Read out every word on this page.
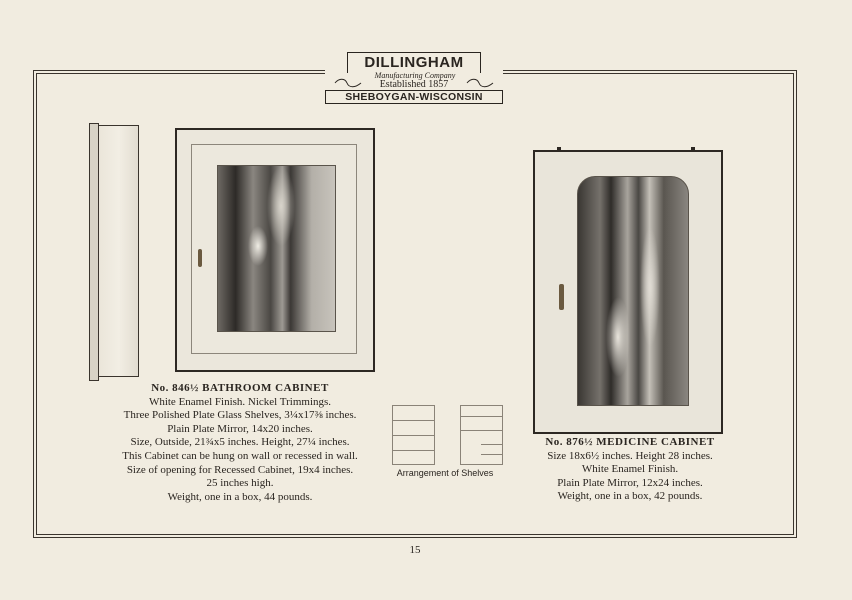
DILLINGHAM
Manufacturing Company
Established 1857
SHEBOYGAN-WISCONSIN
Arrangement of Shelves
No. 846½ BATHROOM CABINET
White Enamel Finish. Nickel Trimmings.
Three Polished Plate Glass Shelves, 3¼x17⅜ inches.
Plain Plate Mirror, 14x20 inches.
Size, Outside, 21¾x5 inches. Height, 27¼ inches.
This Cabinet can be hung on wall or recessed in wall.
Size of opening for Recessed Cabinet, 19x4 inches.
25 inches high.
Weight, one in a box, 44 pounds.
No. 876½ MEDICINE CABINET
Size 18x6½ inches. Height 28 inches.
White Enamel Finish.
Plain Plate Mirror, 12x24 inches.
Weight, one in a box, 42 pounds.
15
